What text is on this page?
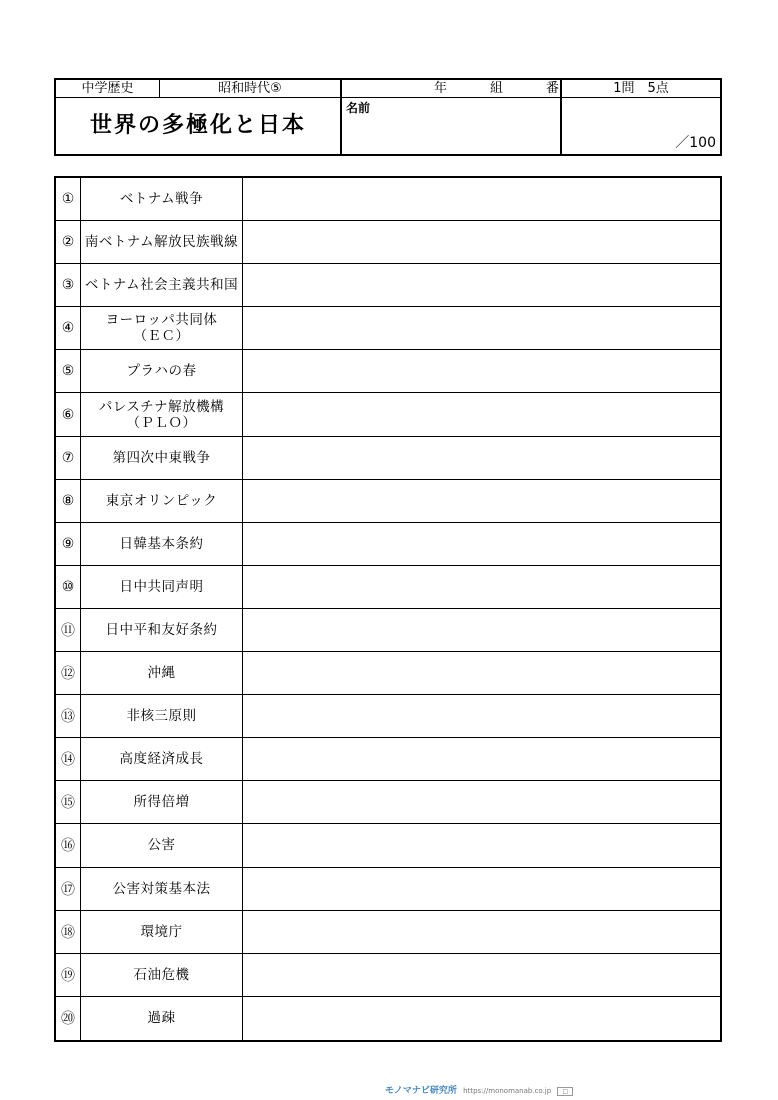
中学歴史	昭和時代⑤	年	組	番	1問　5点
世界の多極化と日本
名前
／100
①	ベトナム戦争
② 南ベトナム解放民族戦線
③ ベトナム社会主義共和国
④	ヨーロッパ共同体
（ＥＣ）
⑤	プラハの春
⑥	パレスチナ解放機構
（ＰＬＯ）
⑦	第四次中東戦争
⑧	東京オリンピック
⑨	日韓基本条約
⑩	日中共同声明
⑪	日中平和友好条約
⑫	沖縄
⑬	非核三原則
⑭	高度経済成長
⑮	所得倍増
⑯	公害
⑰	公害対策基本法
⑱	環境庁
⑲	石油危機
⑳	過疎
モノマナビ研究所 https://monomanab.co.jp □
